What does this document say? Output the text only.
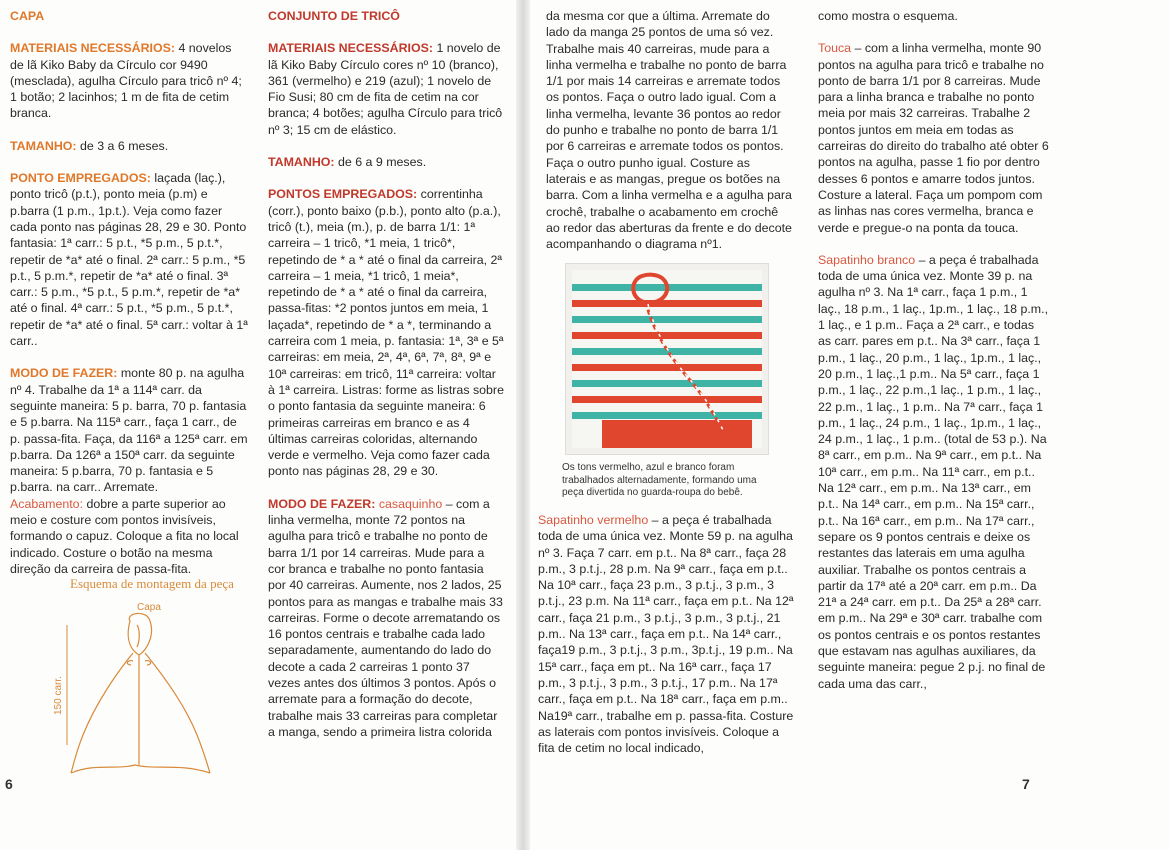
CAPA

MATERIAIS NECESSÁRIOS: 4 novelos de lã Kiko Baby da Círculo cor 9490 (mesclada), agulha Círculo para tricô nº 4; 1 botão; 2 lacinhos; 1 m de fita de cetim branca.

TAMANHO: de 3 a 6 meses.

PONTO EMPREGADOS: laçada (laç.), ponto tricô (p.t.), ponto meia (p.m) e p.barra (1 p.m., 1p.t.). Veja como fazer cada ponto nas páginas 28, 29 e 30. Ponto fantasia: 1ª carr.: 5 p.t., *5 p.m., 5 p.t.*, repetir de *a* até o final. 2ª carr.: 5 p.m., *5 p.t., 5 p.m.*, repetir de *a* até o final. 3ª carr.: 5 p.m., *5 p.t., 5 p.m.*, repetir de *a* até o final. 4ª carr.: 5 p.t., *5 p.m., 5 p.t.*, repetir de *a* até o final. 5ª carr.: voltar à 1ª carr..

MODO DE FAZER: monte 80 p. na agulha nº 4. Trabalhe da 1ª a 114ª carr. da seguinte maneira: 5 p. barra, 70 p. fantasia e 5 p.barra. Na 115ª carr., faça 1 carr., de p. passa-fita. Faça, da 116ª a 125ª carr. em p.barra. Da 126ª a 150ª carr. da seguinte maneira: 5 p.barra, 70 p. fantasia e 5 p.barra. na carr.. Arremate.

Acabamento: dobre a parte superior ao meio e costure com pontos invisíveis, formando o capuz. Coloque a fita no local indicado. Costure o botão na mesma direção da carreira de passa-fita.

Esquema de montagem da peça
Capa
150 carr.
6

CONJUNTO DE TRICÔ

MATERIAIS NECESSÁRIOS: 1 novelo de lã Kiko Baby Círculo cores nº 10 (branco), 361 (vermelho) e 219 (azul); 1 novelo de Fio Susi; 80 cm de fita de cetim na cor branca; 4 botões; agulha Círculo para tricô nº 3; 15 cm de elástico.

TAMANHO: de 6 a 9 meses.

PONTOS EMPREGADOS: correntinha (corr.), ponto baixo (p.b.), ponto alto (p.a.), tricô (t.), meia (m.), p. de barra 1/1: 1ª carreira – 1 tricô, *1 meia, 1 tricô*, repetindo de * a * até o final da carreira, 2ª carreira – 1 meia, *1 tricô, 1 meia*, repetindo de * a * até o final da carreira, passa-fitas: *2 pontos juntos em meia, 1 laçada*, repetindo de * a *, terminando a carreira com 1 meia, p. fantasia: 1ª, 3ª e 5ª carreiras: em meia, 2ª, 4ª, 6ª, 7ª, 8ª, 9ª e 10ª carreiras: em tricô, 11ª carreira: voltar à 1ª carreira. Listras: forme as listras sobre o ponto fantasia da seguinte maneira: 6 primeiras carreiras em branco e as 4 últimas carreiras coloridas, alternando verde e vermelho. Veja como fazer cada ponto nas páginas 28, 29 e 30.

MODO DE FAZER: casaquinho – com a linha vermelha, monte 72 pontos na agulha para tricô e trabalhe no ponto de barra 1/1 por 14 carreiras. Mude para a cor branca e trabalhe no ponto fantasia por 40 carreiras. Aumente, nos 2 lados, 25 pontos para as mangas e trabalhe mais 33 carreiras. Forme o decote arrematando os 16 pontos centrais e trabalhe cada lado separadamente, aumentando do lado do decote a cada 2 carreiras 1 ponto 37 vezes antes dos últimos 3 pontos. Após o arremate para a formação do decote, trabalhe mais 33 carreiras para completar a manga, sendo a primeira listra colorida

da mesma cor que a última. Arremate do lado da manga 25 pontos de uma só vez. Trabalhe mais 40 carreiras, mude para a linha vermelha e trabalhe no ponto de barra 1/1 por mais 14 carreiras e arremate todos os pontos. Faça o outro lado igual. Com a linha vermelha, levante 36 pontos ao redor do punho e trabalhe no ponto de barra 1/1 por 6 carreiras e arremate todos os pontos. Faça o outro punho igual. Costure as laterais e as mangas, pregue os botões na barra. Com a linha vermelha e a agulha para crochê, trabalhe o acabamento em crochê ao redor das aberturas da frente e do decote acompanhando o diagrama nº1.

Os tons vermelho, azul e branco foram trabalhados alternadamente, formando uma peça divertida no guarda-roupa do bebê.

Sapatinho vermelho – a peça é trabalhada toda de uma única vez. Monte 59 p. na agulha nº 3. Faça 7 carr. em p.t.. Na 8ª carr., faça 28 p.m., 3 p.t.j., 28 p.m. Na 9ª carr., faça em p.t.. Na 10ª carr., faça 23 p.m., 3 p.t.j., 3 p.m., 3 p.t.j., 23 p.m. Na 11ª carr., faça em p.t.. Na 12ª carr., faça 21 p.m., 3 p.t.j., 3 p.m., 3 p.t.j., 21 p.m.. Na 13ª carr., faça em p.t.. Na 14ª carr., faça19 p.m., 3 p.t.j., 3 p.m., 3p.t.j., 19 p.m.. Na 15ª carr., faça em pt.. Na 16ª carr., faça 17 p.m., 3 p.t.j., 3 p.m., 3 p.t.j., 17 p.m.. Na 17ª carr., faça em p.t.. Na 18ª carr., faça em p.m.. Na19ª carr., trabalhe em p. passa-fita. Costure as laterais com pontos invisíveis. Coloque a fita de cetim no local indicado,

como mostra o esquema.

Touca – com a linha vermelha, monte 90 pontos na agulha para tricô e trabalhe no ponto de barra 1/1 por 8 carreiras. Mude para a linha branca e trabalhe no ponto meia por mais 32 carreiras. Trabalhe 2 pontos juntos em meia em todas as carreiras do direito do trabalho até obter 6 pontos na agulha, passe 1 fio por dentro desses 6 pontos e amarre todos juntos. Costure a lateral. Faça um pompom com as linhas nas cores vermelha, branca e verde e pregue-o na ponta da touca.

Sapatinho branco – a peça é trabalhada toda de uma única vez. Monte 39 p. na agulha nº 3. Na 1ª carr., faça 1 p.m., 1 laç., 18 p.m., 1 laç., 1p.m., 1 laç., 18 p.m., 1 laç., e 1 p.m.. Faça a 2ª carr., e todas as carr. pares em p.t.. Na 3ª carr., faça 1 p.m., 1 laç., 20 p.m., 1 laç., 1p.m., 1 laç., 20 p.m., 1 laç.,1 p.m.. Na 5ª carr., faça 1 p.m., 1 laç., 22 p.m.,1 laç., 1 p.m., 1 laç., 22 p.m., 1 laç., 1 p.m.. Na 7ª carr., faça 1 p.m., 1 laç., 24 p.m., 1 laç., 1p.m., 1 laç., 24 p.m., 1 laç., 1 p.m.. (total de 53 p.). Na 8ª carr., em p.m.. Na 9ª carr., em p.t.. Na 10ª carr., em p.m.. Na 11ª carr., em p.t.. Na 12ª carr., em p.m.. Na 13ª carr., em p.t.. Na 14ª carr., em p.m.. Na 15ª carr., p.t.. Na 16ª carr., em p.m.. Na 17ª carr., separe os 9 pontos centrais e deixe os restantes das laterais em uma agulha auxiliar. Trabalhe os pontos centrais a partir da 17ª até a 20ª carr. em p.m.. Da 21ª a 24ª carr. em p.t.. Da 25ª a 28ª carr. em p.m.. Na 29ª e 30ª carr. trabalhe com os pontos centrais e os pontos restantes que estavam nas agulhas auxiliares, da seguinte maneira: pegue 2 p.j. no final de cada uma das carr.,

7
